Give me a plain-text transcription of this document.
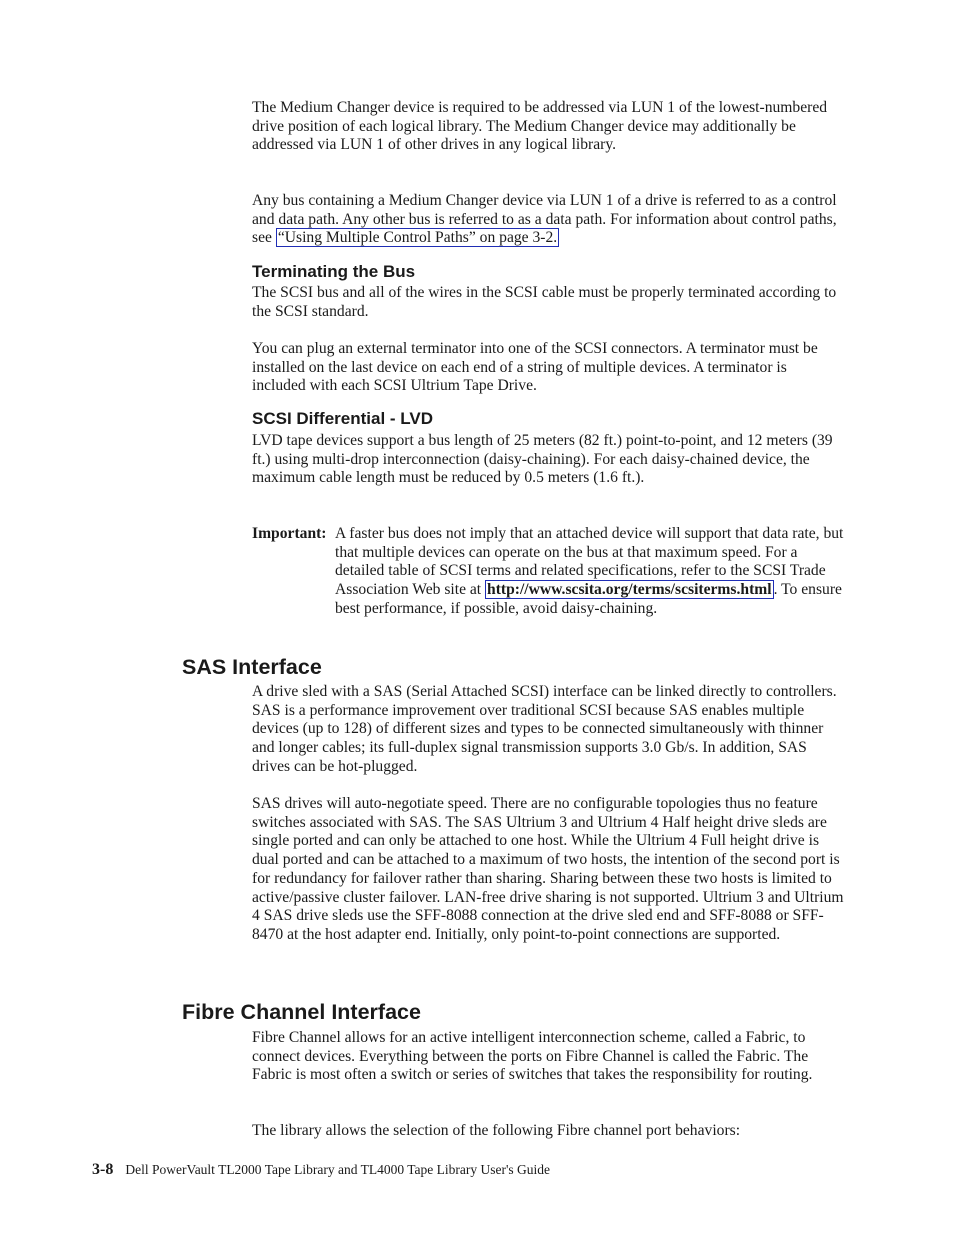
The Medium Changer device is required to be addressed via LUN 1 of the lowest-numbered drive position of each logical library. The Medium Changer device may additionally be addressed via LUN 1 of other drives in any logical library.

Any bus containing a Medium Changer device via LUN 1 of a drive is referred to as a control and data path. Any other bus is referred to as a data path. For information about control paths, see “Using Multiple Control Paths” on page 3-2.

Terminating the Bus

The SCSI bus and all of the wires in the SCSI cable must be properly terminated according to the SCSI standard.

You can plug an external terminator into one of the SCSI connectors. A terminator must be installed on the last device on each end of a string of multiple devices. A terminator is included with each SCSI Ultrium Tape Drive.

SCSI Differential - LVD

LVD tape devices support a bus length of 25 meters (82 ft.) point-to-point, and 12 meters (39 ft.) using multi-drop interconnection (daisy-chaining). For each daisy-chained device, the maximum cable length must be reduced by 0.5 meters (1.6 ft.).

Important: A faster bus does not imply that an attached device will support that data rate, but that multiple devices can operate on the bus at that maximum speed. For a detailed table of SCSI terms and related specifications, refer to the SCSI Trade Association Web site at http://www.scsita.org/terms/scsiterms.html . To ensure best performance, if possible, avoid daisy-chaining.

SAS Interface

A drive sled with a SAS (Serial Attached SCSI) interface can be linked directly to controllers. SAS is a performance improvement over traditional SCSI because SAS enables multiple devices (up to 128) of different sizes and types to be connected simultaneously with thinner and longer cables; its full-duplex signal transmission supports 3.0 Gb/s. In addition, SAS drives can be hot-plugged.

SAS drives will auto-negotiate speed. There are no configurable topologies thus no feature switches associated with SAS. The SAS Ultrium 3 and Ultrium 4 Half height drive sleds are single ported and can only be attached to one host. While the Ultrium 4 Full height drive is dual ported and can be attached to a maximum of two hosts, the intention of the second port is for redundancy for failover rather than sharing. Sharing between these two hosts is limited to active/passive cluster failover. LAN-free drive sharing is not supported. Ultrium 3 and Ultrium 4 SAS drive sleds use the SFF-8088 connection at the drive sled end and SFF-8088 or SFF-8470 at the host adapter end. Initially, only point-to-point connections are supported.

Fibre Channel Interface

Fibre Channel allows for an active intelligent interconnection scheme, called a Fabric, to connect devices. Everything between the ports on Fibre Channel is called the Fabric. The Fabric is most often a switch or series of switches that takes the responsibility for routing.

The library allows the selection of the following Fibre channel port behaviors:

3-8 Dell PowerVault TL2000 Tape Library and TL4000 Tape Library User's Guide
